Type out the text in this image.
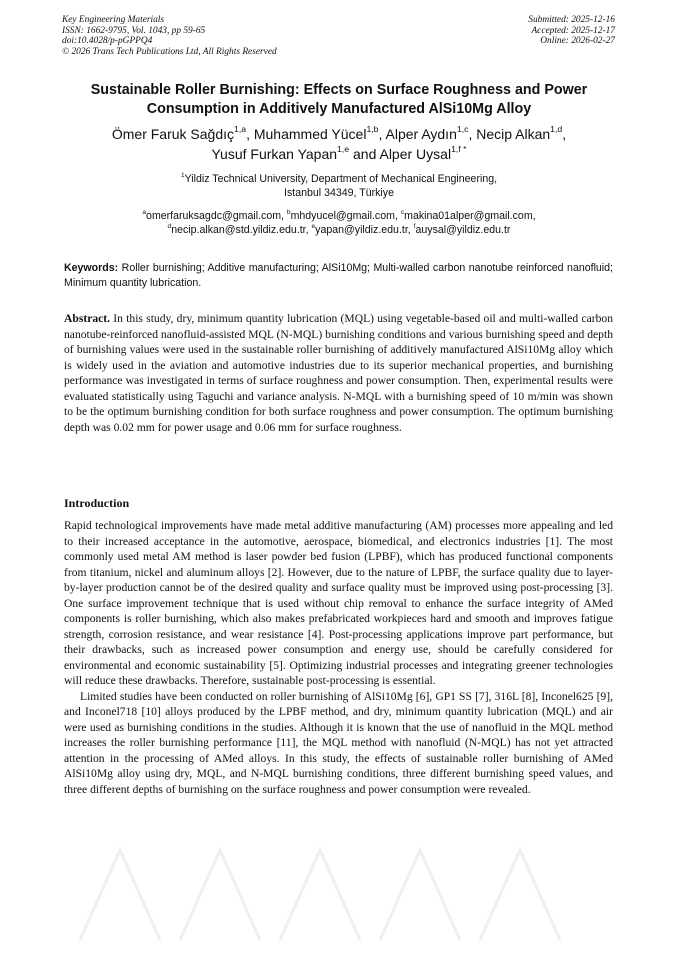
Key Engineering Materials
ISSN: 1662-9795, Vol. 1043, pp 59-65
doi:10.4028/p-pGPPQ4
© 2026 Trans Tech Publications Ltd, All Rights Reserved
Submitted: 2025-12-16
Accepted: 2025-12-17
Online: 2026-02-27
Sustainable Roller Burnishing: Effects on Surface Roughness and Power Consumption in Additively Manufactured AlSi10Mg Alloy
Ömer Faruk Sağdıç$^{1,a}$, Muhammed Yücel$^{1,b}$, Alper Aydın$^{1,c}$, Necip Alkan$^{1,d}$,
Yusuf Furkan Yapan$^{1,e}$ and Alper Uysal$^{1,f *}$
$^1$Yildiz Technical University, Department of Mechanical Engineering,
Istanbul 34349, Türkiye
$^a$omerfaruksagdc@gmail.com, $^b$mhdyucel@gmail.com, $^c$makina01alper@gmail.com,
$^d$necip.alkan@std.yildiz.edu.tr, $^e$yapan@yildiz.edu.tr, $^f$auysal@yildiz.edu.tr
Keywords: Roller burnishing; Additive manufacturing; AlSi10Mg; Multi-walled carbon nanotube reinforced nanofluid; Minimum quantity lubrication.
Abstract. In this study, dry, minimum quantity lubrication (MQL) using vegetable-based oil and multi-walled carbon nanotube-reinforced nanofluid-assisted MQL (N-MQL) burnishing conditions and various burnishing speed and depth of burnishing values were used in the sustainable roller burnishing of additively manufactured AlSi10Mg alloy which is widely used in the aviation and automotive industries due to its superior mechanical properties, and burnishing performance was investigated in terms of surface roughness and power consumption. Then, experimental results were evaluated statistically using Taguchi and variance analysis. N-MQL with a burnishing speed of 10 m/min was shown to be the optimum burnishing condition for both surface roughness and power consumption. The optimum burnishing depth was 0.02 mm for power usage and 0.06 mm for surface roughness.
Introduction

Rapid technological improvements have made metal additive manufacturing (AM) processes more appealing and led to their increased acceptance in the automotive, aerospace, biomedical, and electronics industries [1]. The most commonly used metal AM method is laser powder bed fusion (LPBF), which has produced functional components from titanium, nickel and aluminum alloys [2]. However, due to the nature of LPBF, the surface quality due to layer-by-layer production cannot be of the desired quality and surface quality must be improved using post-processing [3]. One surface improvement technique that is used without chip removal to enhance the surface integrity of AMed components is roller burnishing, which also makes prefabricated workpieces hard and smooth and improves fatigue strength, corrosion resistance, and wear resistance [4]. Post-processing applications improve part performance, but their drawbacks, such as increased power consumption and energy use, should be carefully considered for environmental and economic sustainability [5]. Optimizing industrial processes and integrating greener technologies will reduce these drawbacks. Therefore, sustainable post-processing is essential.

Limited studies have been conducted on roller burnishing of AlSi10Mg [6], GP1 SS [7], 316L [8], Inconel625 [9], and Inconel718 [10] alloys produced by the LPBF method, and dry, minimum quantity lubrication (MQL) and air were used as burnishing conditions in the studies. Although it is known that the use of nanofluid in the MQL method increases the roller burnishing performance [11], the MQL method with nanofluid (N-MQL) has not yet attracted attention in the processing of AMed alloys. In this study, the effects of sustainable roller burnishing of AMed AlSi10Mg alloy using dry, MQL, and N-MQL burnishing conditions, three different burnishing speed values, and three different depths of burnishing on the surface roughness and power consumption were revealed.
